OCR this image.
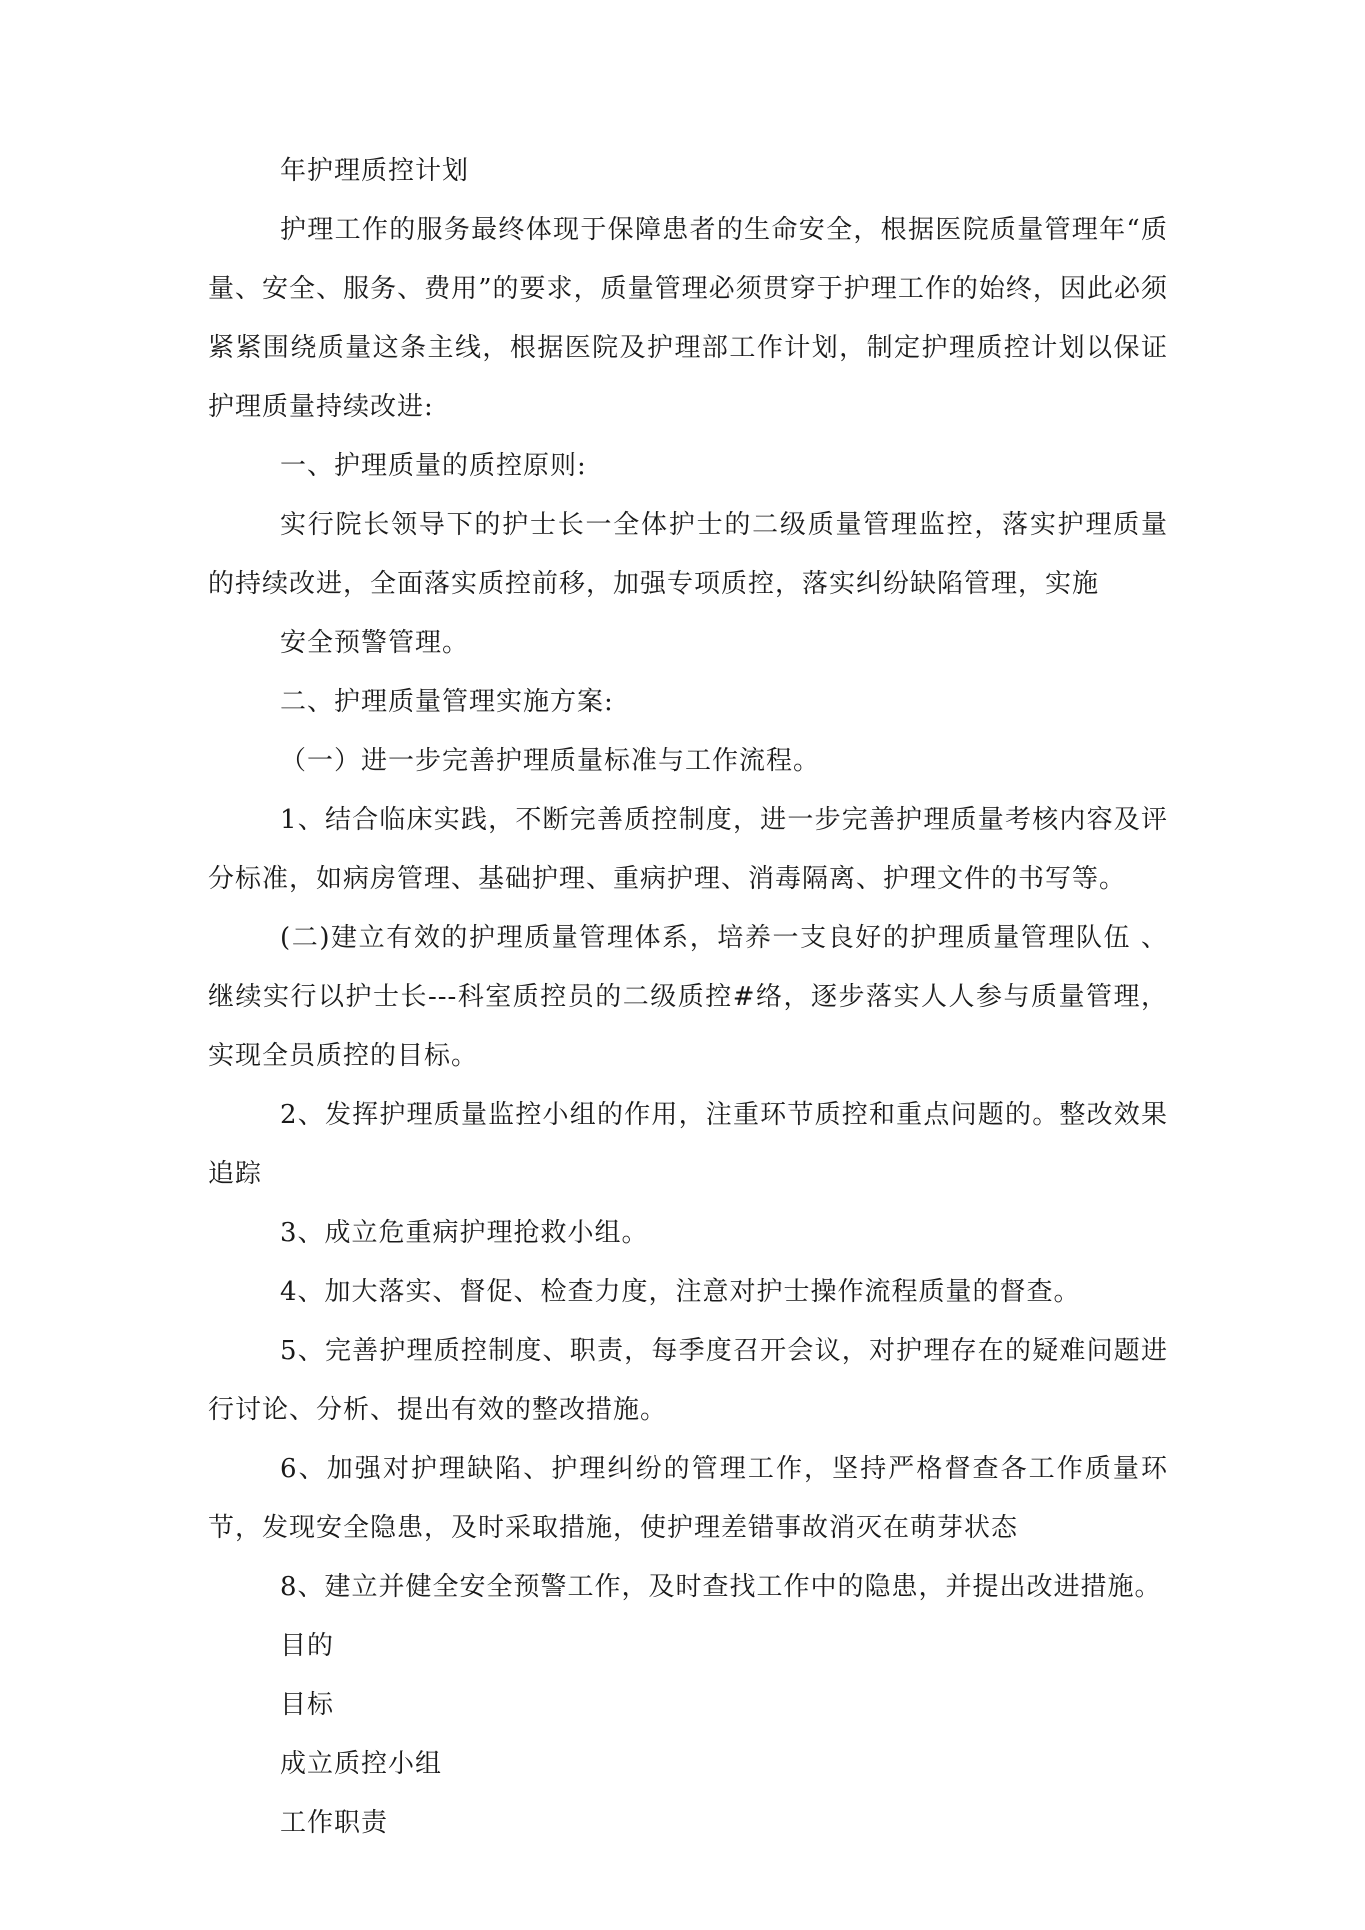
年护理质控计划

护理工作的服务最终体现于保障患者的生命安全，根据医院质量管理年“质量、安全、服务、费用”的要求，质量管理必须贯穿于护理工作的始终，因此必须紧紧围绕质量这条主线，根据医院及护理部工作计划，制定护理质控计划以保证护理质量持续改进:

一、护理质量的质控原则:

实行院长领导下的护士长一全体护士的二级质量管理监控，落实护理质量的持续改进，全面落实质控前移，加强专项质控，落实纠纷缺陷管理，实施

安全预警管理。

二、护理质量管理实施方案:

（一）进一步完善护理质量标准与工作流程。

1、结合临床实践，不断完善质控制度，进一步完善护理质量考核内容及评分标准，如病房管理、基础护理、重病护理、消毒隔离、护理文件的书写等。

(二)建立有效的护理质量管理体系，培养一支良好的护理质量管理队伍 、继续实行以护士长---科室质控员的二级质控#络，逐步落实人人参与质量管理，实现全员质控的目标。

2、发挥护理质量监控小组的作用，注重环节质控和重点问题的。整改效果追踪

3、成立危重病护理抢救小组。

4、加大落实、督促、检查力度，注意对护士操作流程质量的督查。

5、完善护理质控制度、职责，每季度召开会议，对护理存在的疑难问题进行讨论、分析、提出有效的整改措施。

6、加强对护理缺陷、护理纠纷的管理工作，坚持严格督查各工作质量环节，发现安全隐患，及时采取措施，使护理差错事故消灭在萌芽状态

8、建立并健全安全预警工作，及时查找工作中的隐患，并提出改进措施。

目的

目标

成立质控小组

工作职责
